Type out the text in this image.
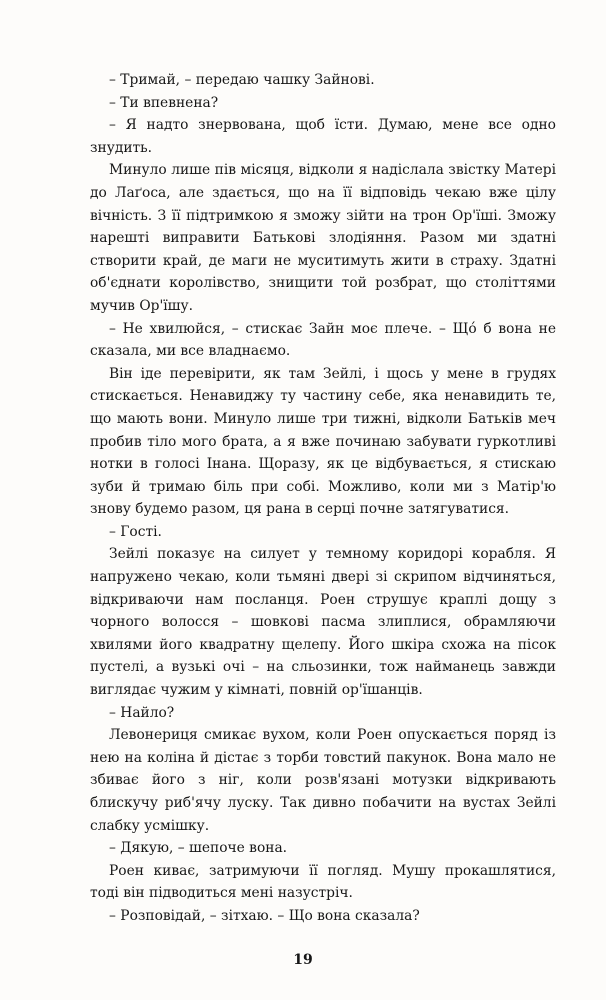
– Тримай, – передаю чашку Зайнові.

– Ти впевнена?

– Я надто знервована, щоб їсти. Думаю, мене все одно знудить.

Минуло лише пів місяця, відколи я надіслала звістку Матері до Лаґоса, але здається, що на її відповідь чекаю вже цілу вічність. З її підтримкою я зможу зійти на трон Ор'їші. Зможу нарешті виправити Батькові злодіяння. Разом ми здатні створити край, де маги не муситимуть жити в страху. Здатні об'єднати королівство, знищити той розбрат, що століттями мучив Ор'їшу.

– Не хвилюйся, – стискає Зайн моє плече. – Щó б вона не сказала, ми все владнаємо.

Він іде перевірити, як там Зейлі, і щось у мене в грудях стискається. Ненавиджу ту частину себе, яка ненавидить те, що мають вони. Минуло лише три тижні, відколи Батьків меч пробив тіло мого брата, а я вже починаю забувати гуркотливі нотки в голосі Інана. Щоразу, як це відбувається, я стискаю зуби й тримаю біль при собі. Можливо, коли ми з Матір'ю знову будемо разом, ця рана в серці почне затягуватися.

– Гості.

Зейлі показує на силует у темному коридорі корабля. Я напружено чекаю, коли тьмяні двері зі скрипом відчиняться, відкриваючи нам посланця. Роен струшує краплі дощу з чорного волосся – шовкові пасма злиплися, обрамляючи хвилями його квадратну щелепу. Його шкіра схожа на пісок пустелі, а вузькі очі – на сльозинки, тож найманець завжди виглядає чужим у кімнаті, повній ор'їшанців.

– Найло?

Левонериця смикає вухом, коли Роен опускається поряд із нею на коліна й дістає з торби товстий пакунок. Вона мало не збиває його з ніг, коли розв'язані мотузки відкривають блискучу риб'ячу луску. Так дивно побачити на вустах Зейлі слабку усмішку.

– Дякую, – шепоче вона.

Роен киває, затримуючи її погляд. Мушу прокашлятися, тоді він підводиться мені назустріч.

– Розповідай, – зітхаю. – Що вона сказала?

19
